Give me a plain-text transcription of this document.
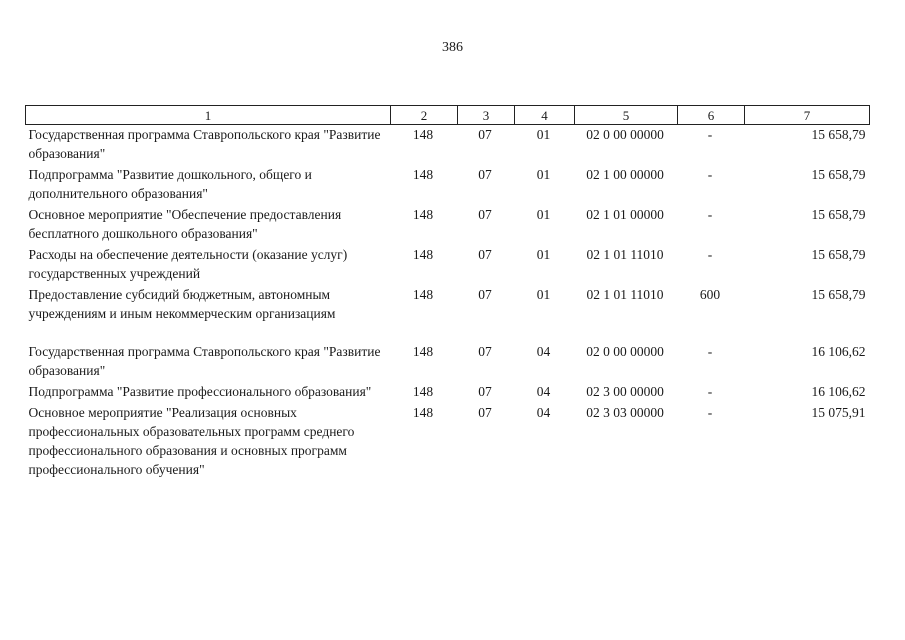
386
1	2	3	4	5	6	7
Государственная программа Ставропольского края "Развитие образования"	148	07	01	02 0 00 00000	-	15 658,79
Подпрограмма "Развитие дошкольного, общего и дополнительного образования"	148	07	01	02 1 00 00000	-	15 658,79
Основное мероприятие "Обеспечение предоставления бесплатного дошкольного образования"	148	07	01	02 1 01 00000	-	15 658,79
Расходы на обеспечение деятельности (оказание услуг) государственных учреждений	148	07	01	02 1 01 11010	-	15 658,79
Предоставление субсидий бюджетным, автономным учреждениям и иным некоммерческим организациям	148	07	01	02 1 01 11010	600	15 658,79

Государственная программа Ставропольского края "Развитие образования"	148	07	04	02 0 00 00000	-	16 106,62
Подпрограмма "Развитие профессионального образования"	148	07	04	02 3 00 00000	-	16 106,62
Основное мероприятие "Реализация основных профессиональных образовательных программ среднего профессионального образования и основных программ профессионального обучения"	148	07	04	02 3 03 00000	-	15 075,91
